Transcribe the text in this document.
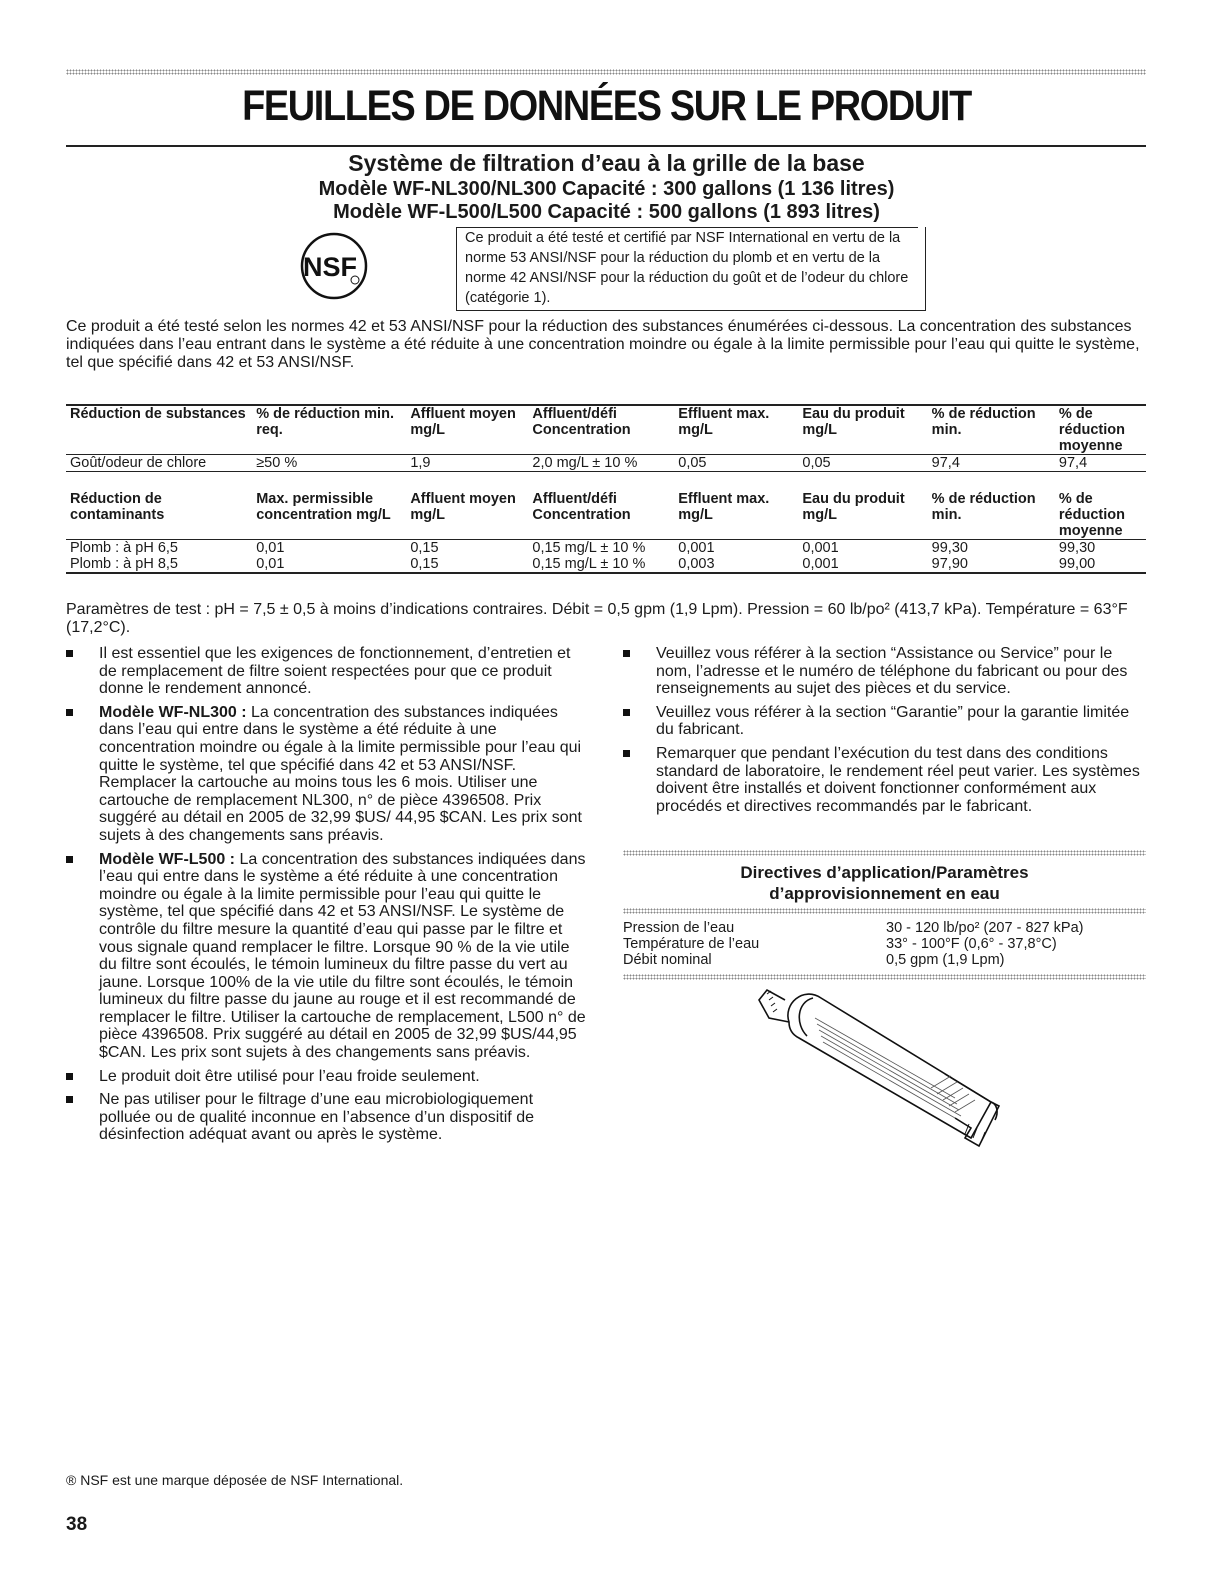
FEUILLES DE DONNÉES SUR LE PRODUIT
Système de filtration d’eau à la grille de la base
Modèle WF-NL300/NL300 Capacité : 300 gallons (1 136 litres)
Modèle WF-L500/L500 Capacité : 500 gallons (1 893 litres)
NSF
Ce produit a été testé et certifié par NSF International en vertu de la norme 53 ANSI/NSF pour la réduction du plomb et en vertu de la norme 42 ANSI/NSF pour la réduction du goût et de l’odeur du chlore (catégorie 1).
Ce produit a été testé selon les normes 42 et 53 ANSI/NSF pour la réduction des substances énumérées ci-dessous. La concentration des substances indiquées dans l’eau entrant dans le système a été réduite à une concentration moindre ou égale à la limite permissible pour l’eau qui quitte le système, tel que spécifié dans 42 et 53 ANSI/NSF.
Réduction de substances	% de réduction min. req.	Affluent moyen mg/L	Affluent/défi Concentration	Effluent max. mg/L	Eau du produit mg/L	% de réduction min.	% de réduction moyenne
Goût/odeur de chlore	≥50 %	1,9	2,0 mg/L ± 10 %	0,05	0,05	97,4	97,4
Réduction de contaminants	Max. permissible concentration mg/L	Affluent moyen mg/L	Affluent/défi Concentration	Effluent max. mg/L	Eau du produit mg/L	% de réduction min.	% de réduction moyenne
Plomb : à pH 6,5	0,01	0,15	0,15 mg/L ± 10 %	0,001	0,001	99,30	99,30
Plomb : à pH 8,5	0,01	0,15	0,15 mg/L ± 10 %	0,003	0,001	97,90	99,00
Paramètres de test : pH = 7,5 ± 0,5 à moins d’indications contraires. Débit = 0,5 gpm (1,9 Lpm). Pression = 60 lb/po² (413,7 kPa). Température = 63°F (17,2°C).
Il est essentiel que les exigences de fonctionnement, d’entretien et de remplacement de filtre soient respectées pour que ce produit donne le rendement annoncé.
Modèle WF-NL300 : La concentration des substances indiquées dans l’eau qui entre dans le système a été réduite à une concentration moindre ou égale à la limite permissible pour l’eau qui quitte le système, tel que spécifié dans 42 et 53 ANSI/NSF. Remplacer la cartouche au moins tous les 6 mois. Utiliser une cartouche de remplacement NL300, n° de pièce 4396508. Prix suggéré au détail en 2005 de 32,99 $US/ 44,95 $CAN. Les prix sont sujets à des changements sans préavis.
Modèle WF-L500 : La concentration des substances indiquées dans l’eau qui entre dans le système a été réduite à une concentration moindre ou égale à la limite permissible pour l’eau qui quitte le système, tel que spécifié dans 42 et 53 ANSI/NSF. Le système de contrôle du filtre mesure la quantité d’eau qui passe par le filtre et vous signale quand remplacer le filtre. Lorsque 90 % de la vie utile du filtre sont écoulés, le témoin lumineux du filtre passe du vert au jaune. Lorsque 100% de la vie utile du filtre sont écoulés, le témoin lumineux du filtre passe du jaune au rouge et il est recommandé de remplacer le filtre. Utiliser la cartouche de remplacement, L500 n° de pièce 4396508. Prix suggéré au détail en 2005 de 32,99 $US/44,95 $CAN. Les prix sont sujets à des changements sans préavis.
Le produit doit être utilisé pour l’eau froide seulement.
Ne pas utiliser pour le filtrage d’une eau microbiologiquement polluée ou de qualité inconnue en l’absence d’un dispositif de désinfection adéquat avant ou après le système.
Veuillez vous référer à la section “Assistance ou Service” pour le nom, l’adresse et le numéro de téléphone du fabricant ou pour des renseignements au sujet des pièces et du service.
Veuillez vous référer à la section “Garantie” pour la garantie limitée du fabricant.
Remarquer que pendant l’exécution du test dans des conditions standard de laboratoire, le rendement réel peut varier. Les systèmes doivent être installés et doivent fonctionner conformément aux procédés et directives recommandés par le fabricant.
Directives d’application/Paramètres
d’approvisionnement en eau
Pression de l’eau	30 - 120 lb/po² (207 - 827 kPa)
Température de l’eau	33° - 100°F (0,6° - 37,8°C)
Débit nominal	0,5 gpm (1,9 Lpm)
® NSF est une marque déposée de NSF International.
38
